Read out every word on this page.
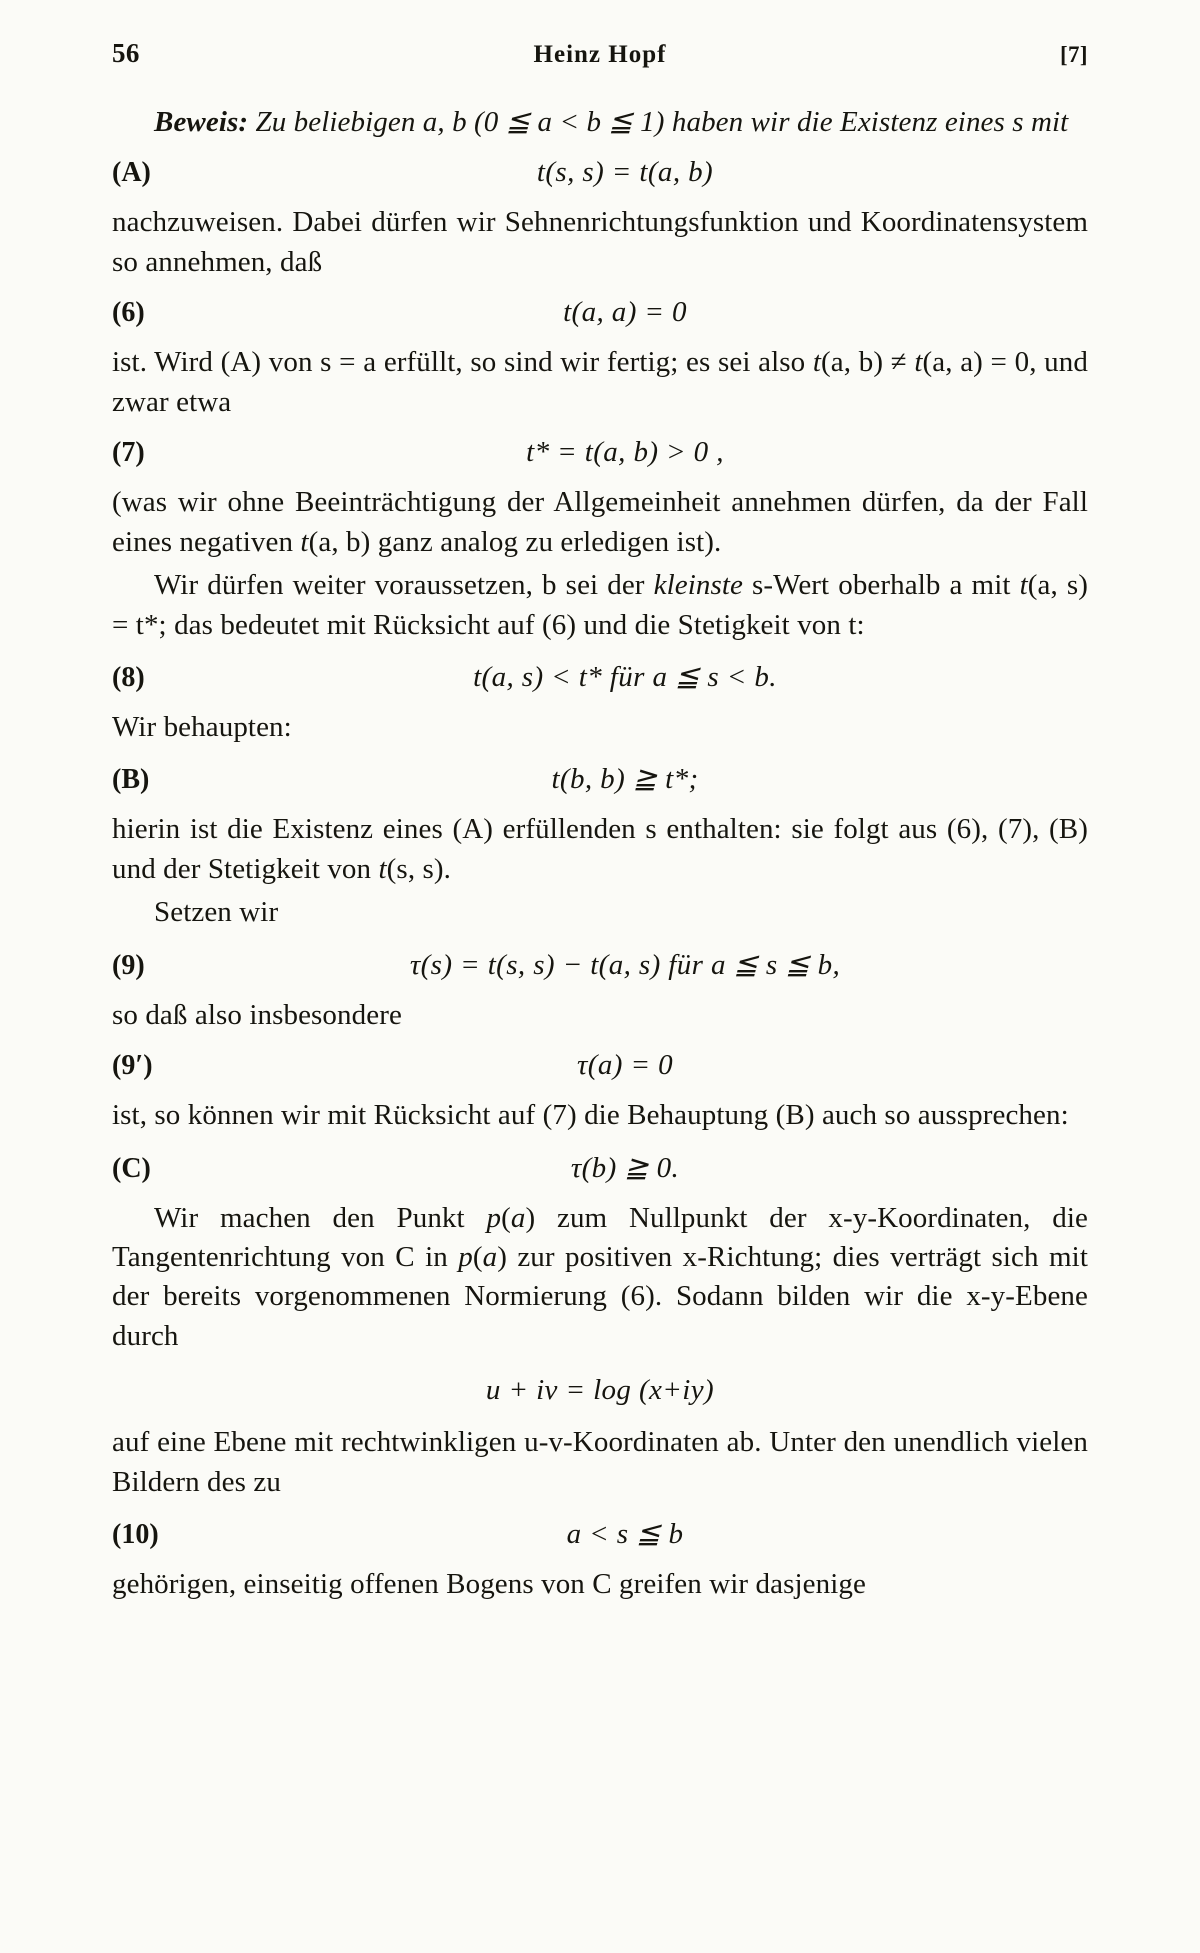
56	Heinz Hopf	[7]

Beweis: Zu beliebigen a, b (0 ≦ a < b ≦ 1) haben wir die Existenz eines s mit

(A)	t(s, s) = t(a, b)

nachzuweisen. Dabei dürfen wir Sehnenrichtungsfunktion und Koordinatensystem so annehmen, daß

(6)	t(a, a) = 0

ist. Wird (A) von s = a erfüllt, so sind wir fertig; es sei also t(a, b) ≠ t(a, a) = 0, und zwar etwa

(7)	t* = t(a, b) > 0 ,

(was wir ohne Beeinträchtigung der Allgemeinheit annehmen dürfen, da der Fall eines negativen t(a, b) ganz analog zu erledigen ist).

Wir dürfen weiter voraussetzen, b sei der kleinste s-Wert oberhalb a mit t(a, s) = t*; das bedeutet mit Rücksicht auf (6) und die Stetigkeit von t:

(8)	t(a, s) < t* für a ≦ s < b.

Wir behaupten:

(B)	t(b, b) ≧ t*;

hierin ist die Existenz eines (A) erfüllenden s enthalten: sie folgt aus (6), (7), (B) und der Stetigkeit von t(s, s).

Setzen wir

(9)	τ(s) = t(s, s) − t(a, s) für a ≦ s ≦ b,

so daß also insbesondere

(9′)	τ(a) = 0

ist, so können wir mit Rücksicht auf (7) die Behauptung (B) auch so aussprechen:

(C)	τ(b) ≧ 0.

Wir machen den Punkt p(a) zum Nullpunkt der x-y-Koordinaten, die Tangentenrichtung von C in p(a) zur positiven x-Richtung; dies verträgt sich mit der bereits vorgenommenen Normierung (6). Sodann bilden wir die x-y-Ebene durch

u + iv = log (x+iy)

auf eine Ebene mit rechtwinkligen u-v-Koordinaten ab. Unter den unendlich vielen Bildern des zu

(10)	a < s ≦ b

gehörigen, einseitig offenen Bogens von C greifen wir dasjenige
